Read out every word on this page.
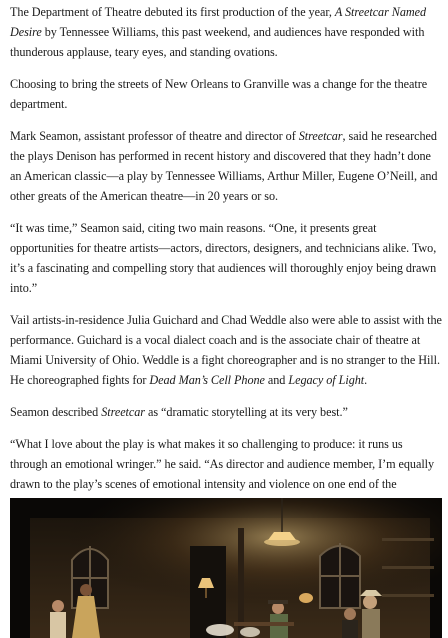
The Department of Theatre debuted its first production of the year, A Streetcar Named Desire by Tennessee Williams, this past weekend, and audiences have responded with thunderous applause, teary eyes, and standing ovations.

Choosing to bring the streets of New Orleans to Granville was a change for the theatre department.

Mark Seamon, assistant professor of theatre and director of Streetcar, said he researched the plays Denison has performed in recent history and discovered that they hadn’t done an American classic—a play by Tennessee Williams, Arthur Miller, Eugene O’Neill, and other greats of the American theatre—in 20 years or so.

“It was time,” Seamon said, citing two main reasons. “One, it presents great opportunities for theatre artists—actors, directors, designers, and technicians alike. Two, it’s a fascinating and compelling story that audiences will thoroughly enjoy being drawn into.”

Vail artists-in-residence Julia Guichard and Chad Weddle also were able to assist with the performance. Guichard is a vocal dialect coach and is the associate chair of theatre at Miami University of Ohio. Weddle is a fight choreographer and is no stranger to the Hill. He choreographed fights for Dead Man’s Cell Phone and Legacy of Light.

Seamon described Streetcar as “dramatic storytelling at its very best.”

“What I love about the play is what makes it so challenging to produce: it runs us through an emotional wringer.” he said. “As director and audience member, I’m equally drawn to the play’s scenes of emotional intensity and violence on one end of the
